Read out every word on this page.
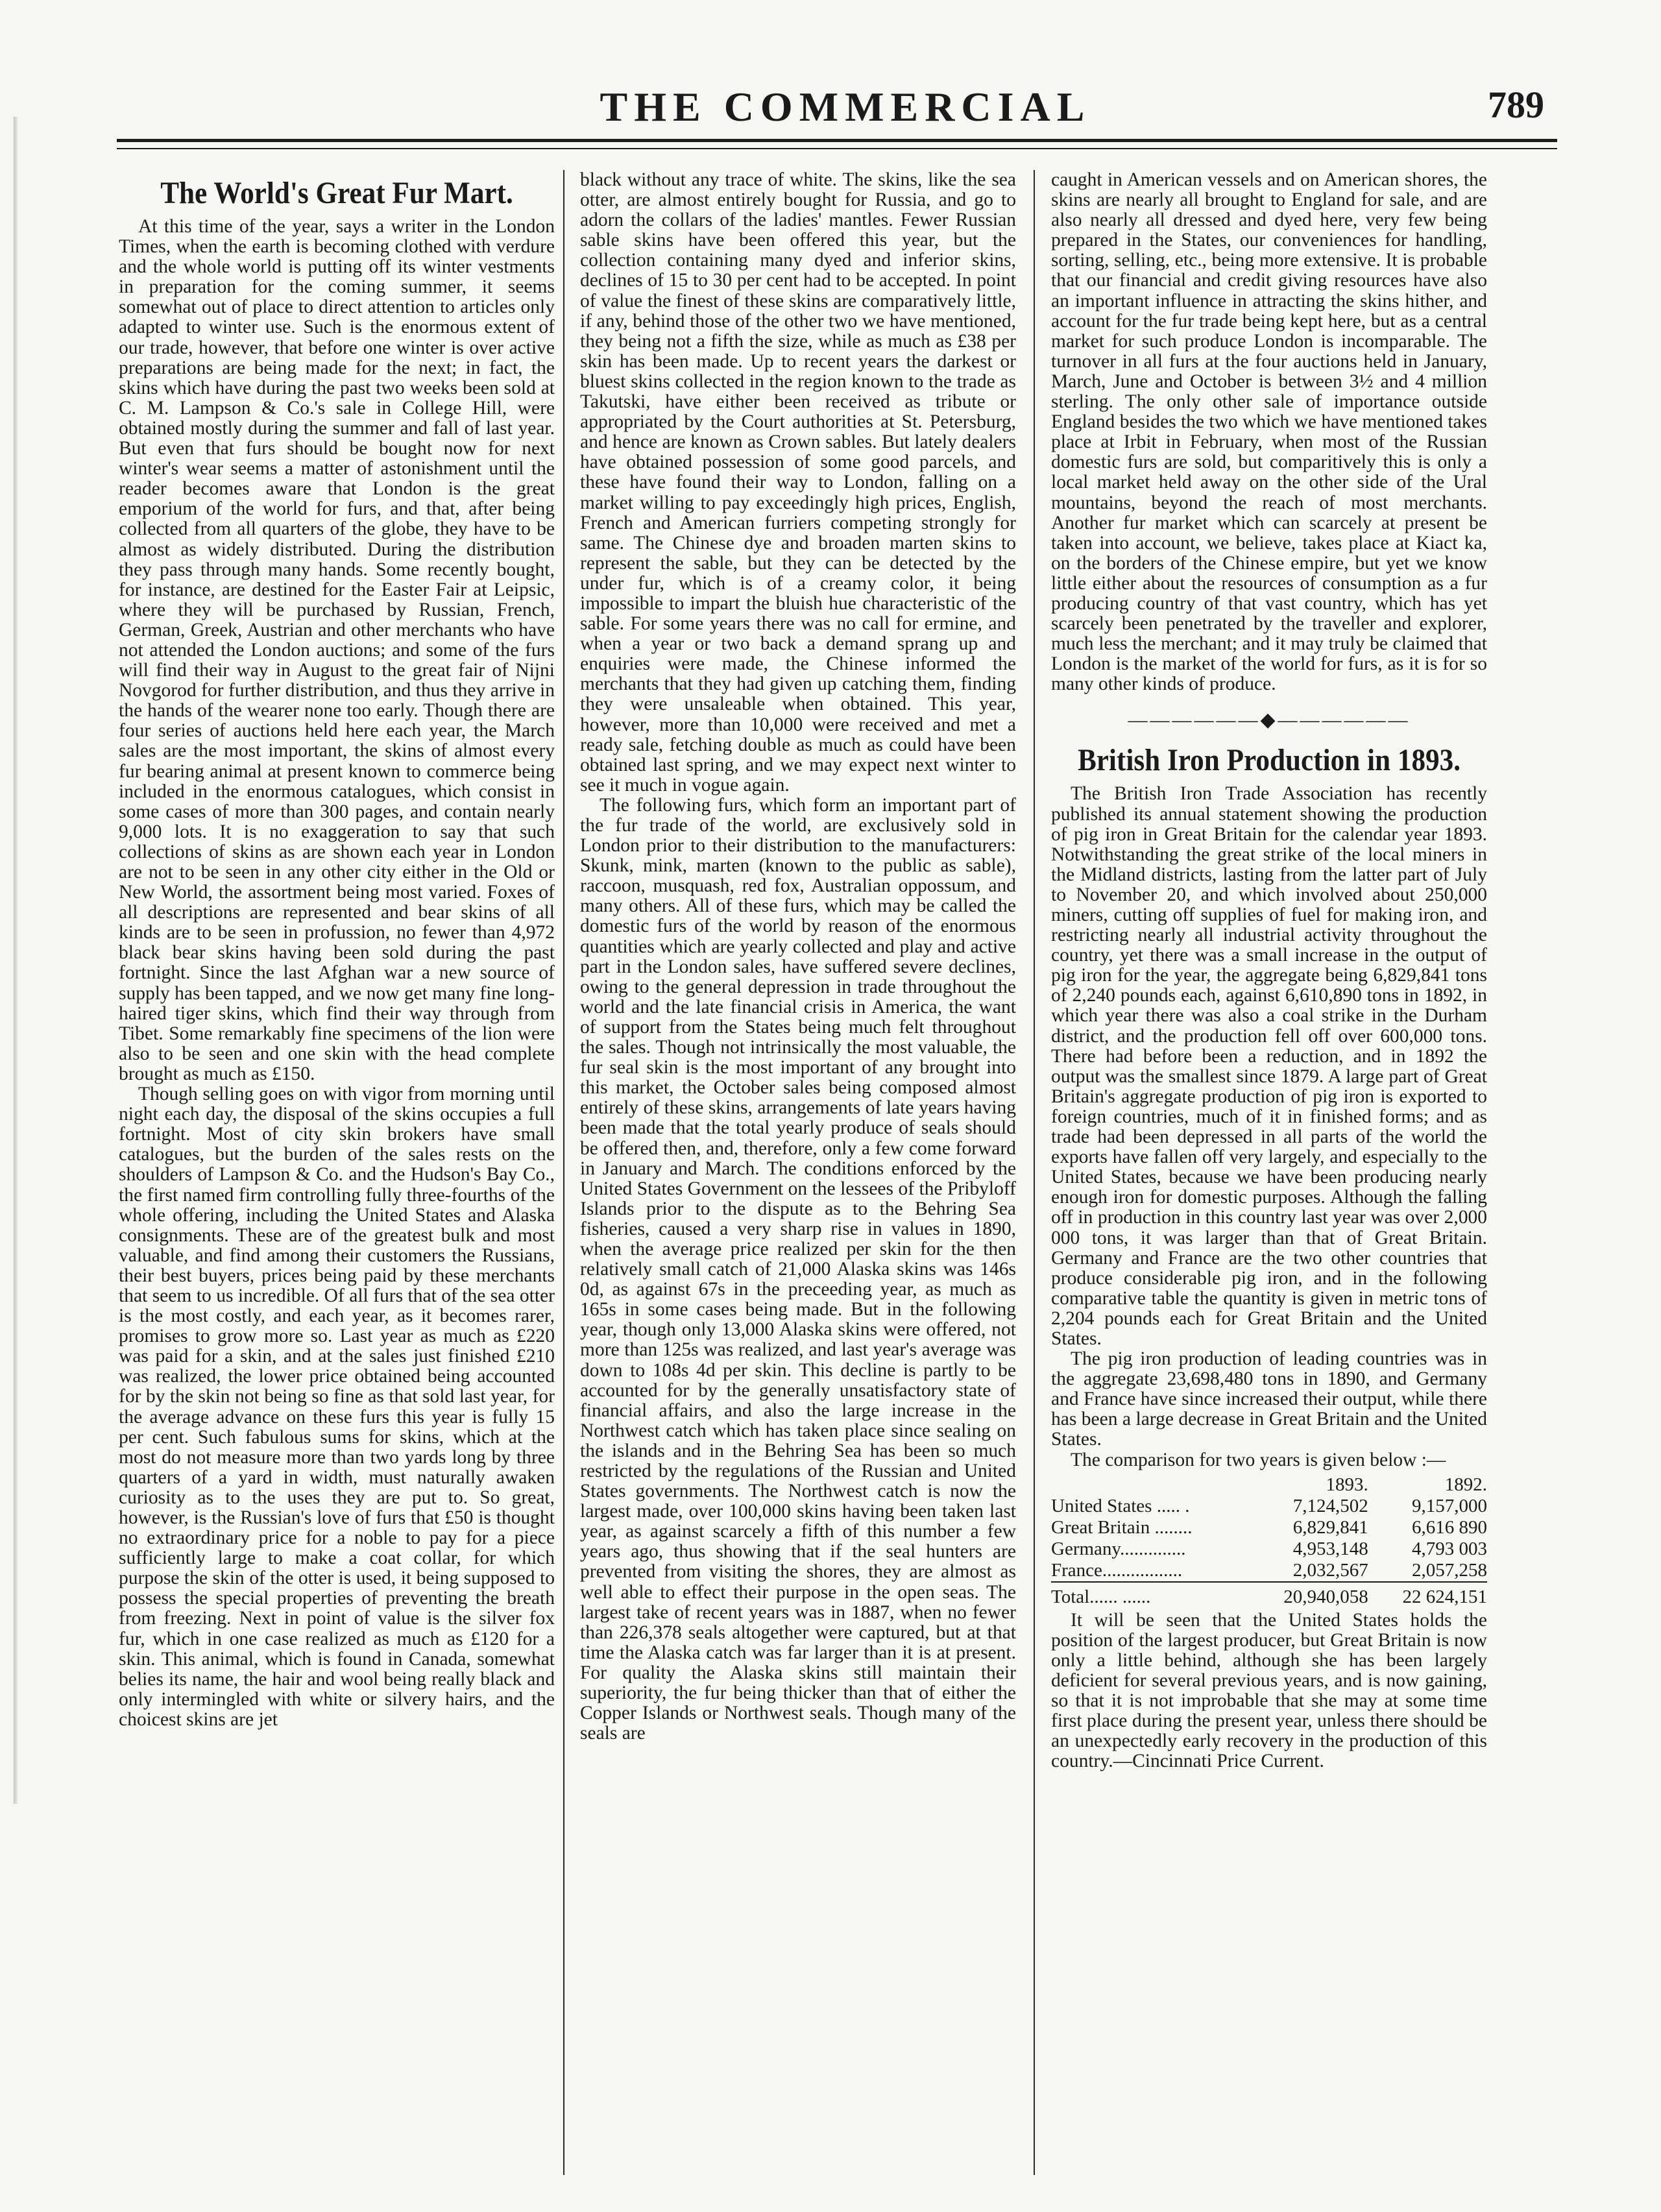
THE COMMERCIAL	789
The World's Great Fur Mart.

At this time of the year, says a writer in the London Times, when the earth is becoming clothed with verdure and the whole world is putting off its winter vestments in preparation for the coming summer, it seems somewhat out of place to direct attention to articles only adapted to winter use. Such is the enormous extent of our trade, however, that before one winter is over active preparations are being made for the next; in fact, the skins which have during the past two weeks been sold at C. M. Lampson & Co.'s sale in College Hill, were obtained mostly during the summer and fall of last year. But even that furs should be bought now for next winter's wear seems a matter of astonishment until the reader becomes aware that London is the great emporium of the world for furs, and that, after being collected from all quarters of the globe, they have to be almost as widely distributed. During the distribution they pass through many hands. Some recently bought, for instance, are destined for the Easter Fair at Leipsic, where they will be purchased by Russian, French, German, Greek, Austrian and other merchants who have not attended the London auctions; and some of the furs will find their way in August to the great fair of Nijni Novgorod for further distribution, and thus they arrive in the hands of the wearer none too early. Though there are four series of auctions held here each year, the March sales are the most important, the skins of almost every fur bearing animal at present known to commerce being included in the enormous catalogues, which consist in some cases of more than 300 pages, and contain nearly 9,000 lots. It is no exaggeration to say that such collections of skins as are shown each year in London are not to be seen in any other city either in the Old or New World, the assortment being most varied. Foxes of all descriptions are represented and bear skins of all kinds are to be seen in profussion, no fewer than 4,972 black bear skins having been sold during the past fortnight. Since the last Afghan war a new source of supply has been tapped, and we now get many fine long-haired tiger skins, which find their way through from Tibet. Some remarkably fine specimens of the lion were also to be seen and one skin with the head complete brought as much as £150.

Though selling goes on with vigor from morning until night each day, the disposal of the skins occupies a full fortnight. Most of city skin brokers have small catalogues, but the burden of the sales rests on the shoulders of Lampson & Co. and the Hudson's Bay Co., the first named firm controlling fully three-fourths of the whole offering, including the United States and Alaska consignments. These are of the greatest bulk and most valuable, and find among their customers the Russians, their best buyers, prices being paid by these merchants that seem to us incredible. Of all furs that of the sea otter is the most costly, and each year, as it becomes rarer, promises to grow more so. Last year as much as £220 was paid for a skin, and at the sales just finished £210 was realized, the lower price obtained being accounted for by the skin not being so fine as that sold last year, for the average advance on these furs this year is fully 15 per cent. Such fabulous sums for skins, which at the most do not measure more than two yards long by three quarters of a yard in width, must naturally awaken curiosity as to the uses they are put to. So great, however, is the Russian's love of furs that £50 is thought no extraordinary price for a noble to pay for a piece sufficiently large to make a coat collar, for which purpose the skin of the otter is used, it being supposed to possess the special properties of preventing the breath from freezing. Next in point of value is the silver fox fur, which in one case realized as much as £120 for a skin. This animal, which is found in Canada, somewhat belies its name, the hair and wool being really black and only intermingled with white or silvery hairs, and the choicest skins are jet

black without any trace of white. The skins, like the sea otter, are almost entirely bought for Russia, and go to adorn the collars of the ladies' mantles. Fewer Russian sable skins have been offered this year, but the collection containing many dyed and inferior skins, declines of 15 to 30 per cent had to be accepted. In point of value the finest of these skins are comparatively little, if any, behind those of the other two we have mentioned, they being not a fifth the size, while as much as £38 per skin has been made. Up to recent years the darkest or bluest skins collected in the region known to the trade as Takutski, have either been received as tribute or appropriated by the Court authorities at St. Petersburg, and hence are known as Crown sables. But lately dealers have obtained possession of some good parcels, and these have found their way to London, falling on a market willing to pay exceedingly high prices, English, French and American furriers competing strongly for same. The Chinese dye and broaden marten skins to represent the sable, but they can be detected by the under fur, which is of a creamy color, it being impossible to impart the bluish hue characteristic of the sable. For some years there was no call for ermine, and when a year or two back a demand sprang up and enquiries were made, the Chinese informed the merchants that they had given up catching them, finding they were unsaleable when obtained. This year, however, more than 10,000 were received and met a ready sale, fetching double as much as could have been obtained last spring, and we may expect next winter to see it much in vogue again.

The following furs, which form an important part of the fur trade of the world, are exclusively sold in London prior to their distribution to the manufacturers: Skunk, mink, marten (known to the public as sable), raccoon, musquash, red fox, Australian oppossum, and many others. All of these furs, which may be called the domestic furs of the world by reason of the enormous quantities which are yearly collected and play and active part in the London sales, have suffered severe declines, owing to the general depression in trade throughout the world and the late financial crisis in America, the want of support from the States being much felt throughout the sales. Though not intrinsically the most valuable, the fur seal skin is the most important of any brought into this market, the October sales being composed almost entirely of these skins, arrangements of late years having been made that the total yearly produce of seals should be offered then, and, therefore, only a few come forward in January and March. The conditions enforced by the United States Government on the lessees of the Pribyloff Islands prior to the dispute as to the Behring Sea fisheries, caused a very sharp rise in values in 1890, when the average price realized per skin for the then relatively small catch of 21,000 Alaska skins was 146s 0d, as against 67s in the preceeding year, as much as 165s in some cases being made. But in the following year, though only 13,000 Alaska skins were offered, not more than 125s was realized, and last year's average was down to 108s 4d per skin. This decline is partly to be accounted for by the generally unsatisfactory state of financial affairs, and also the large increase in the Northwest catch which has taken place since sealing on the islands and in the Behring Sea has been so much restricted by the regulations of the Russian and United States governments. The Northwest catch is now the largest made, over 100,000 skins having been taken last year, as against scarcely a fifth of this number a few years ago, thus showing that if the seal hunters are prevented from visiting the shores, they are almost as well able to effect their purpose in the open seas. The largest take of recent years was in 1887, when no fewer than 226,378 seals altogether were captured, but at that time the Alaska catch was far larger than it is at present. For quality the Alaska skins still maintain their superiority, the fur being thicker than that of either the Copper Islands or Northwest seals. Though many of the seals are

caught in American vessels and on American shores, the skins are nearly all brought to England for sale, and are also nearly all dressed and dyed here, very few being prepared in the States, our conveniences for handling, sorting, selling, etc., being more extensive. It is probable that our financial and credit giving resources have also an important influence in attracting the skins hither, and account for the fur trade being kept here, but as a central market for such produce London is incomparable. The turnover in all furs at the four auctions held in January, March, June and October is between 3½ and 4 million sterling. The only other sale of importance outside England besides the two which we have mentioned takes place at Irbit in February, when most of the Russian domestic furs are sold, but comparitively this is only a local market held away on the other side of the Ural mountains, beyond the reach of most merchants. Another fur market which can scarcely at present be taken into account, we believe, takes place at Kiact ka, on the borders of the Chinese empire, but yet we know little either about the resources of consumption as a fur producing country of that vast country, which has yet scarcely been penetrated by the traveller and explorer, much less the merchant; and it may truly be claimed that London is the market of the world for furs, as it is for so many other kinds of produce.

——————◆——————
British Iron Production in 1893.

The British Iron Trade Association has recently published its annual statement showing the production of pig iron in Great Britain for the calendar year 1893. Notwithstanding the great strike of the local miners in the Midland districts, lasting from the latter part of July to November 20, and which involved about 250,000 miners, cutting off supplies of fuel for making iron, and restricting nearly all industrial activity throughout the country, yet there was a small increase in the output of pig iron for the year, the aggregate being 6,829,841 tons of 2,240 pounds each, against 6,610,890 tons in 1892, in which year there was also a coal strike in the Durham district, and the production fell off over 600,000 tons. There had before been a reduction, and in 1892 the output was the smallest since 1879. A large part of Great Britain's aggregate production of pig iron is exported to foreign countries, much of it in finished forms; and as trade had been depressed in all parts of the world the exports have fallen off very largely, and especially to the United States, because we have been producing nearly enough iron for domestic purposes. Although the falling off in production in this country last year was over 2,000 000 tons, it was larger than that of Great Britain. Germany and France are the two other countries that produce considerable pig iron, and in the following comparative table the quantity is given in metric tons of 2,204 pounds each for Great Britain and the United States.

The pig iron production of leading countries was in the aggregate 23,698,480 tons in 1890, and Germany and France have since increased their output, while there has been a large decrease in Great Britain and the United States.

The comparison for two years is given below :—

	1893.	1892.
United States ..... .	7,124,502	9,157,000
Great Britain ........	6,829,841	6,616 890
Germany..............	4,953,148	4,793 003
France.................	2,032,567	2,057,258
Total...... ......	20,940,058	22 624,151

It will be seen that the United States holds the position of the largest producer, but Great Britain is now only a little behind, although she has been largely deficient for several previous years, and is now gaining, so that it is not improbable that she may at some time first place during the present year, unless there should be an unexpectedly early recovery in the production of this country.—Cincinnati Price Current.
